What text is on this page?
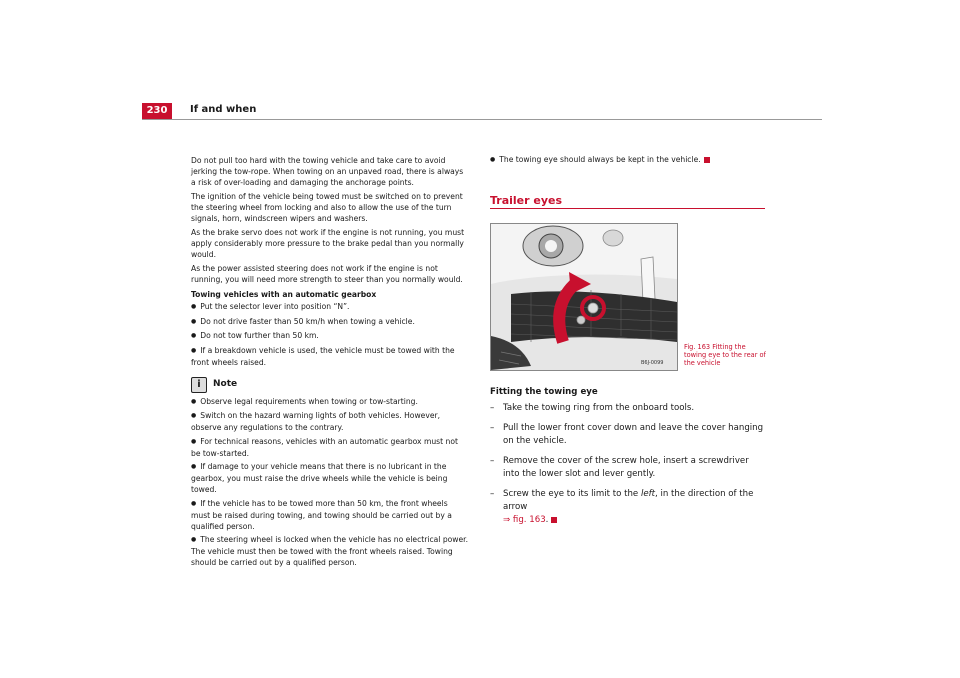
230	If and when

Do not pull too hard with the towing vehicle and take care to avoid jerking the tow-rope. When towing on an unpaved road, there is always a risk of over-loading and damaging the anchorage points.

The ignition of the vehicle being towed must be switched on to prevent the steering wheel from locking and also to allow the use of the turn signals, horn, windscreen wipers and washers.

As the brake servo does not work if the engine is not running, you must apply considerably more pressure to the brake pedal than you normally would.

As the power assisted steering does not work if the engine is not running, you will need more strength to steer than you normally would.

Towing vehicles with an automatic gearbox
● Put the selector lever into position “N”.
● Do not drive faster than 50 km/h when towing a vehicle.
● Do not tow further than 50 km.
● If a breakdown vehicle is used, the vehicle must be towed with the front wheels raised.
i	Note
● Observe legal requirements when towing or tow-starting.
● Switch on the hazard warning lights of both vehicles. However, observe any regulations to the contrary.
● For technical reasons, vehicles with an automatic gearbox must not be tow-started.
● If damage to your vehicle means that there is no lubricant in the gearbox, you must raise the drive wheels while the vehicle is being towed.
● If the vehicle has to be towed more than 50 km, the front wheels must be raised during towing, and towing should be carried out by a qualified person.
● The steering wheel is locked when the vehicle has no electrical power. The vehicle must then be towed with the front wheels raised. Towing should be carried out by a qualified person.
● The towing eye should always be kept in the vehicle.
Trailer eyes
B6J-0099
Fig. 163 Fitting the towing eye to the rear of the vehicle
Fitting the towing eye
–	Take the towing ring from the onboard tools.
–	Pull the lower front cover down and leave the cover hanging on the vehicle.
–	Remove the cover of the screw hole, insert a screwdriver into the lower slot and lever gently.
–	Screw the eye to its limit to the left, in the direction of the arrow
⇒ fig. 163.
